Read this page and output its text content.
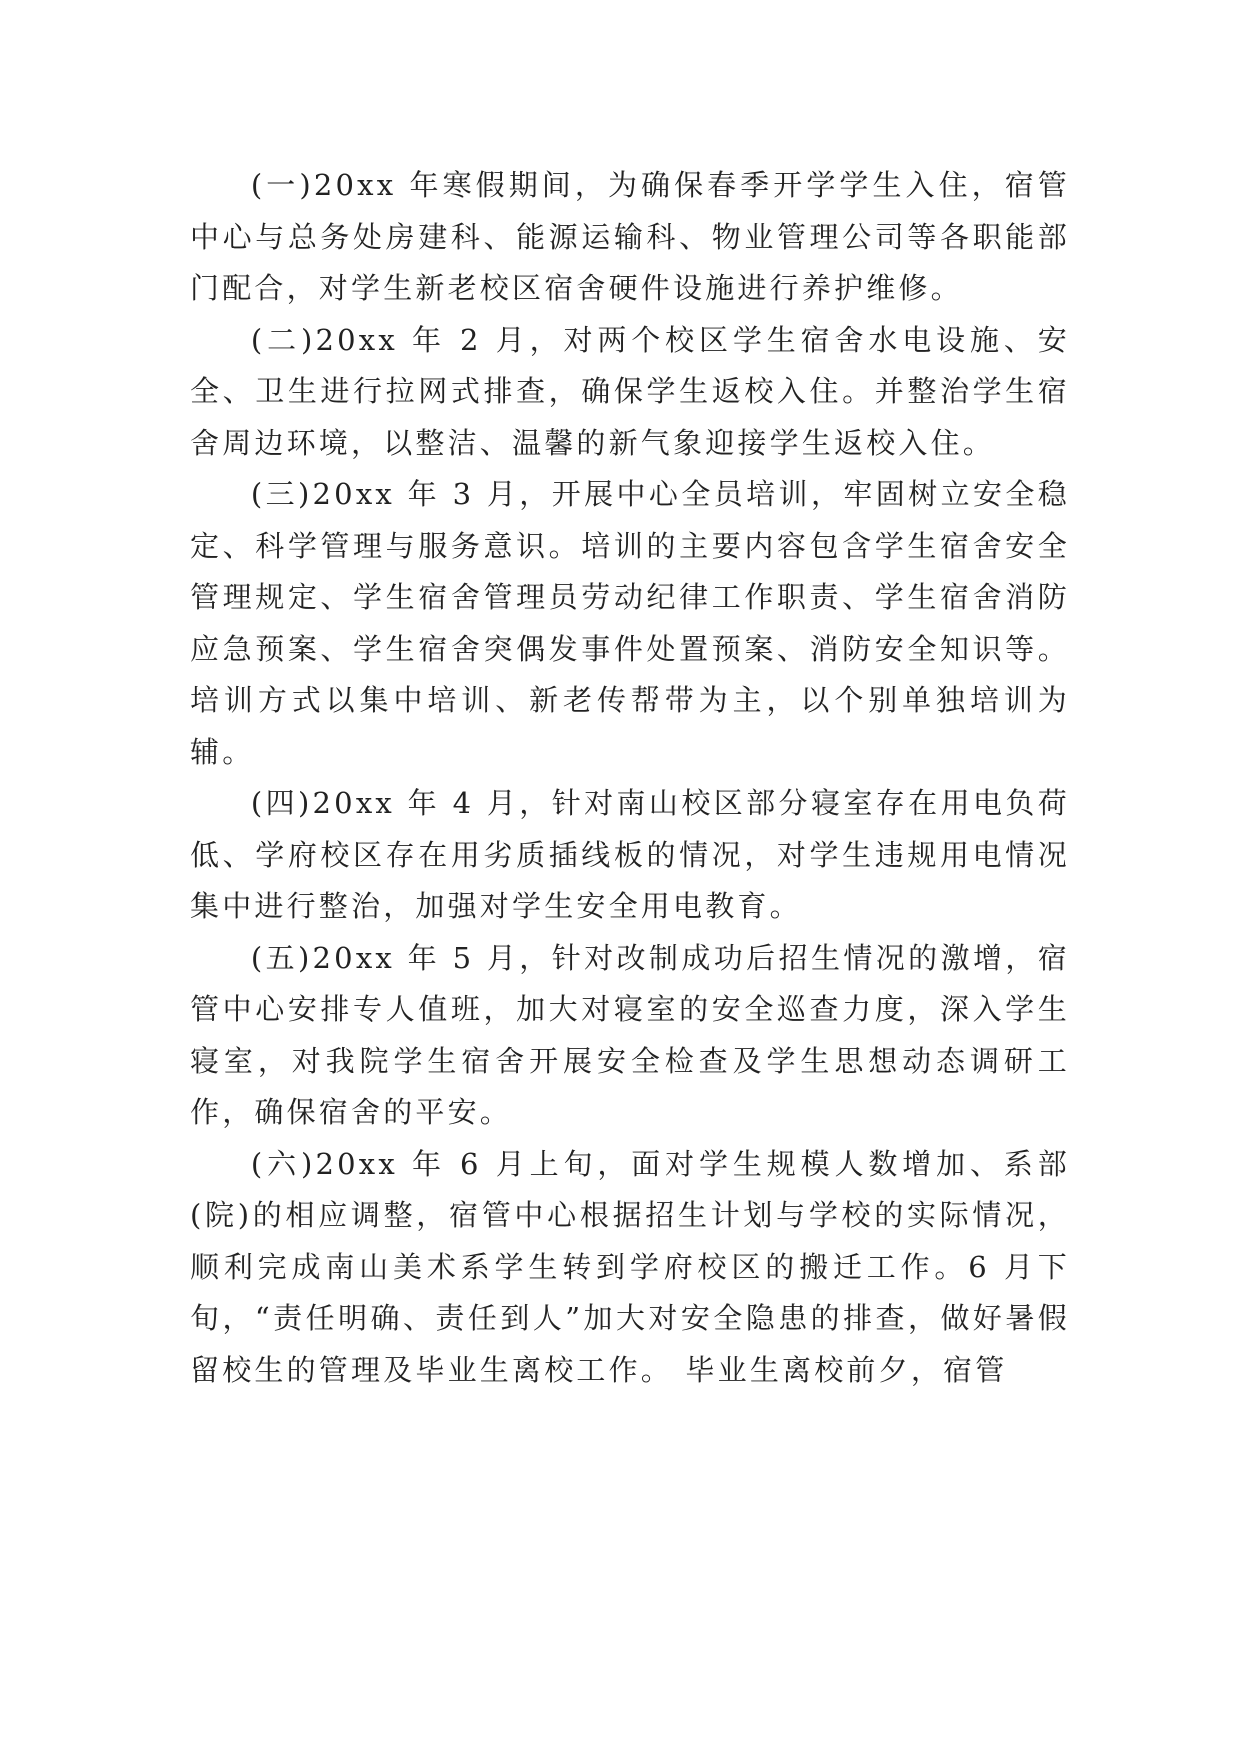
(一)20xx 年寒假期间，为确保春季开学学生入住，宿管中心与总务处房建科、能源运输科、物业管理公司等各职能部门配合，对学生新老校区宿舍硬件设施进行养护维修。

(二)20xx 年 2 月，对两个校区学生宿舍水电设施、安全、卫生进行拉网式排查，确保学生返校入住。并整治学生宿舍周边环境，以整洁、温馨的新气象迎接学生返校入住。

(三)20xx 年 3 月，开展中心全员培训，牢固树立安全稳定、科学管理与服务意识。培训的主要内容包含学生宿舍安全管理规定、学生宿舍管理员劳动纪律工作职责、学生宿舍消防应急预案、学生宿舍突偶发事件处置预案、消防安全知识等。培训方式以集中培训、新老传帮带为主，以个别单独培训为辅。

(四)20xx 年 4 月，针对南山校区部分寝室存在用电负荷低、学府校区存在用劣质插线板的情况，对学生违规用电情况集中进行整治，加强对学生安全用电教育。

(五)20xx 年 5 月，针对改制成功后招生情况的激增，宿管中心安排专人值班，加大对寝室的安全巡查力度，深入学生寝室，对我院学生宿舍开展安全检查及学生思想动态调研工作，确保宿舍的平安。

(六)20xx 年 6 月上旬，面对学生规模人数增加、系部(院)的相应调整，宿管中心根据招生计划与学校的实际情况，顺利完成南山美术系学生转到学府校区的搬迁工作。6 月下旬，“责任明确、责任到人”加大对安全隐患的排查，做好暑假留校生的管理及毕业生离校工作。 毕业生离校前夕，宿管
